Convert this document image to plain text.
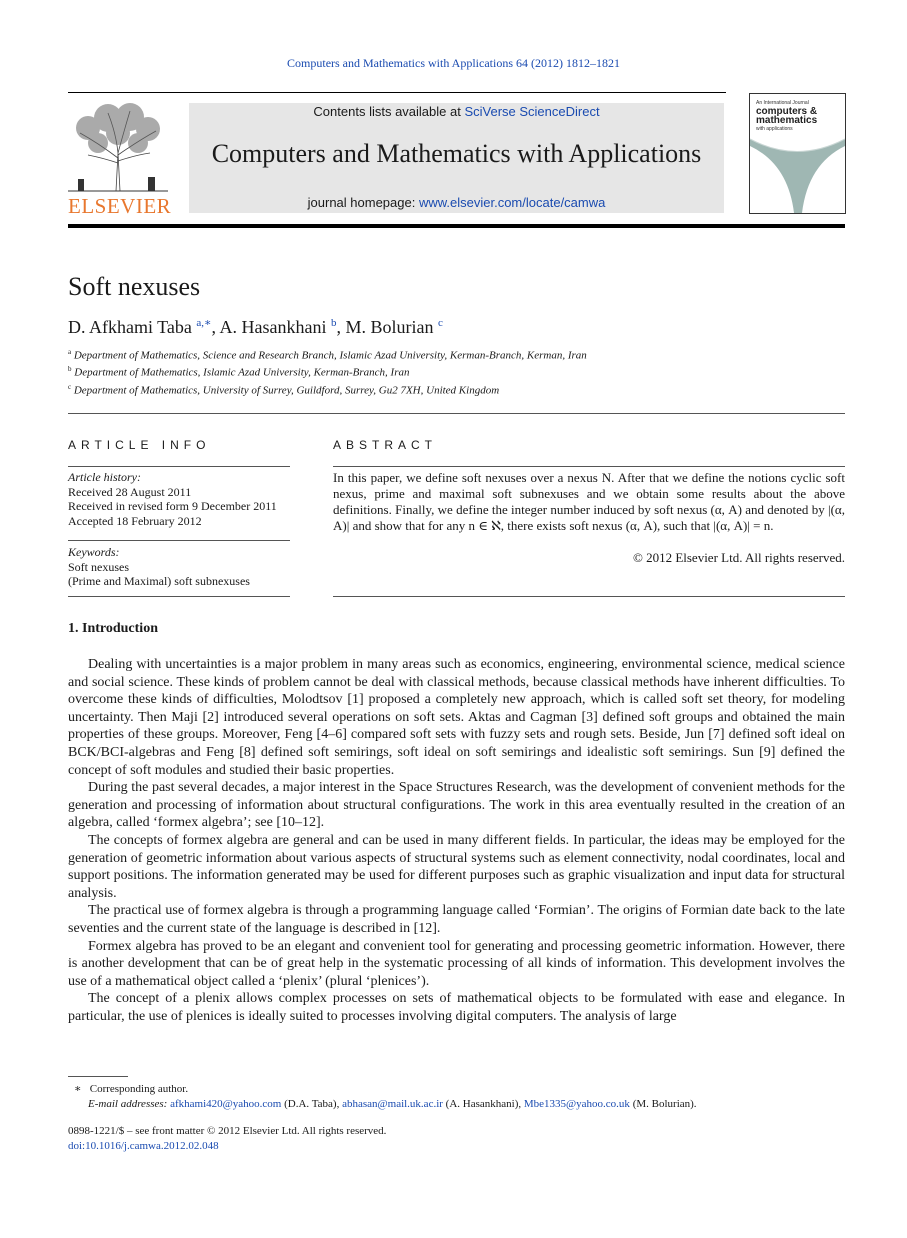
Computers and Mathematics with Applications 64 (2012) 1812–1821
ELSEVIER
Contents lists available at SciVerse ScienceDirect
Computers and Mathematics with Applications
journal homepage: www.elsevier.com/locate/camwa
An International Journal
computers &
mathematics
with applications
Soft nexuses
D. Afkhami Taba $^{a,∗}$, A. Hasankhani $^b$, M. Bolurian $^c$
$^a$ Department of Mathematics, Science and Research Branch, Islamic Azad University, Kerman-Branch, Kerman, Iran
$^b$ Department of Mathematics, Islamic Azad University, Kerman-Branch, Iran
$^c$ Department of Mathematics, University of Surrey, Guildford, Surrey, Gu2 7XH, United Kingdom
ARTICLE INFO	ABSTRACT
Article history:
Received 28 August 2011
Received in revised form 9 December 2011
Accepted 18 February 2012
Keywords:
Soft nexuses
(Prime and Maximal) soft subnexuses
In this paper, we define soft nexuses over a nexus N. After that we define the notions cyclic soft nexus, prime and maximal soft subnexuses and we obtain some results about the above definitions. Finally, we define the integer number induced by soft nexus (α, A) and denoted by |(α, A)| and show that for any n ∈ ℵ, there exists soft nexus (α, A), such that |(α, A)| = n.
© 2012 Elsevier Ltd. All rights reserved.
1. Introduction

Dealing with uncertainties is a major problem in many areas such as economics, engineering, environmental science, medical science and social science. These kinds of problem cannot be deal with classical methods, because classical methods have inherent difficulties. To overcome these kinds of difficulties, Molodtsov [1] proposed a completely new approach, which is called soft set theory, for modeling uncertainty. Then Maji [2] introduced several operations on soft sets. Aktas and Cagman [3] defined soft groups and obtained the main properties of these groups. Moreover, Feng [4–6] compared soft sets with fuzzy sets and rough sets. Beside, Jun [7] defined soft ideal on BCK/BCI-algebras and Feng [8] defined soft semirings, soft ideal on soft semirings and idealistic soft semirings. Sun [9] defined the concept of soft modules and studied their basic properties.

During the past several decades, a major interest in the Space Structures Research, was the development of convenient methods for the generation and processing of information about structural configurations. The work in this area eventually resulted in the creation of an algebra, called ‘formex algebra’; see [10–12].

The concepts of formex algebra are general and can be used in many different fields. In particular, the ideas may be employed for the generation of geometric information about various aspects of structural systems such as element connectivity, nodal coordinates, local and support positions. The information generated may be used for different purposes such as graphic visualization and input data for structural analysis.

The practical use of formex algebra is through a programming language called ‘Formian’. The origins of Formian date back to the late seventies and the current state of the language is described in [12].

Formex algebra has proved to be an elegant and convenient tool for generating and processing geometric information. However, there is another development that can be of great help in the systematic processing of all kinds of information. This development involves the use of a mathematical object called a ‘plenix’ (plural ‘plenices’).

The concept of a plenix allows complex processes on sets of mathematical objects to be formulated with ease and elegance. In particular, the use of plenices is ideally suited to processes involving digital computers. The analysis of large

∗ Corresponding author.
E-mail addresses: afkhami420@yahoo.com (D.A. Taba), abhasan@mail.uk.ac.ir (A. Hasankhani), Mbe1335@yahoo.co.uk (M. Bolurian).
0898-1221/$ – see front matter © 2012 Elsevier Ltd. All rights reserved.
doi:10.1016/j.camwa.2012.02.048
